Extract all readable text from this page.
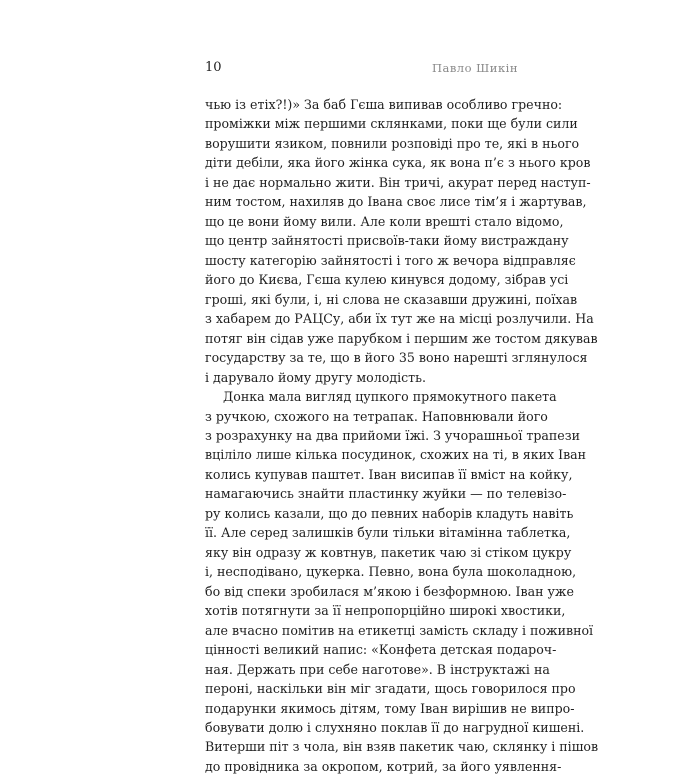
10	Павло Шикін
чью із етіх?!)» За баб Гєша випивав особливо гречно:
проміжки між першими склянками, поки ще були сили
ворушити язиком, повнили розповіді про те, які в нього
діти дебіли, яка його жінка сука, як вона п’є з нього кров
і не дає нормально жити. Він тричі, акурат перед наступ-
ним тостом, нахиляв до Івана своє лисе тім’я і жартував,
що це вони йому вили. Але коли врешті стало відомо,
що центр зайнятості присвоїв-таки йому вистраждану
шосту категорію зайнятості і того ж вечора відправляє
його до Києва, Гєша кулею кинувся додому, зібрав усі
гроші, які були, і, ні слова не сказавши дружині, поїхав
з хабарем до РАЦСу, аби їх тут же на місці розлучили. На
потяг він сідав уже парубком і першим же тостом дякував
государству за те, що в його 35 воно нарешті зглянулося
і дарувало йому другу молодість.
Донка мала вигляд цупкого прямокутного пакета
з ручкою, схожого на тетрапак. Наповнювали його
з розрахунку на два прийоми їжі. З учорашньої трапези
вціліло лише кілька посудинок, схожих на ті, в яких Іван
колись купував паштет. Іван висипав її вміст на койку,
намагаючись знайти пластинку жуйки — по телевізо-
ру колись казали, що до певних наборів кладуть навіть
її. Але серед залишків були тільки вітамінна таблетка,
яку він одразу ж ковтнув, пакетик чаю зі стіком цукру
і, несподівано, цукерка. Певно, вона була шоколадною,
бо від спеки зробилася м’якою і безформною. Іван уже
хотів потягнути за її непропорційно широкі хвостики,
але вчасно помітив на етикетці замість складу і поживної
цінності великий напис: «Конфета детская подароч-
ная. Держать при себе наготове». В інструктажі на
пероні, наскільки він міг згадати, щось говорилося про
подарунки якимось дітям, тому Іван вирішив не випро-
бовувати долю і слухняно поклав її до нагрудної кишені.
Витерши піт з чола, він взяв пакетик чаю, склянку і пішов
до провідника за окропом, котрий, за його уявлення-
